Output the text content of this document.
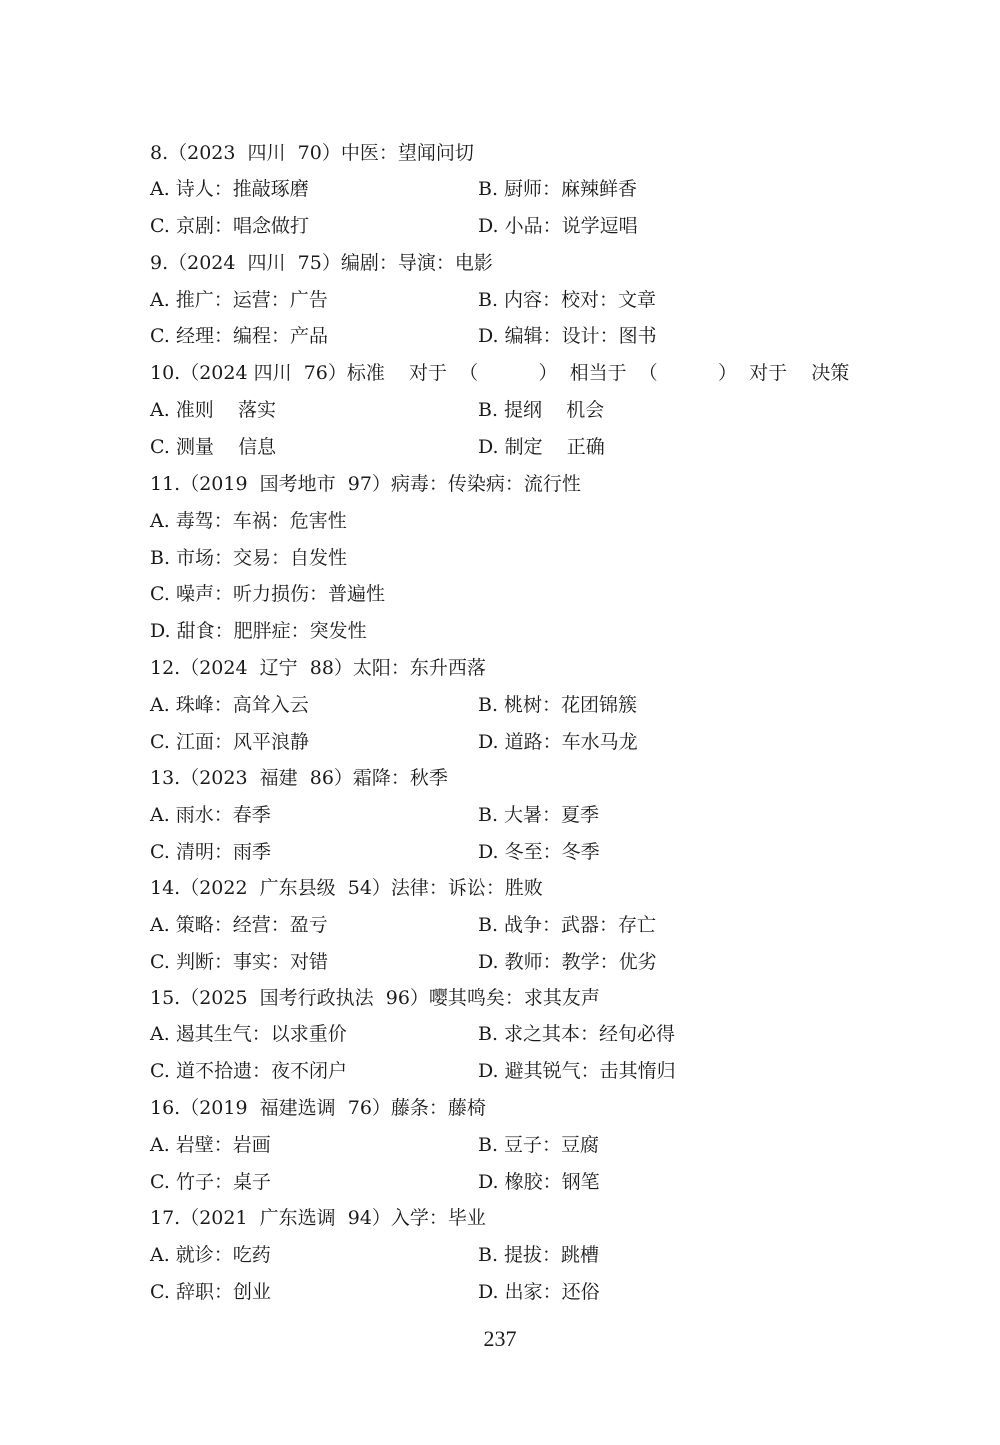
8.（2023  四川  70）中医：望闻问切
A. 诗人：推敲琢磨	B. 厨师：麻辣鲜香
C. 京剧：唱念做打	D. 小品：说学逗唱
9.（2024  四川  75）编剧：导演：电影
A. 推广：运营：广告	B. 内容：校对：文章
C. 经理：编程：产品	D. 编辑：设计：图书
10.（2024 四川  76）标准    对于  （          ）  相当于  （          ）  对于    决策
A. 准则    落实	B. 提纲    机会
C. 测量    信息	D. 制定    正确
11.（2019  国考地市  97）病毒：传染病：流行性
A. 毒驾：车祸：危害性
B. 市场：交易：自发性
C. 噪声：听力损伤：普遍性
D. 甜食：肥胖症：突发性
12.（2024  辽宁  88）太阳：东升西落
A. 珠峰：高耸入云	B. 桃树：花团锦簇
C. 江面：风平浪静	D. 道路：车水马龙
13.（2023  福建  86）霜降：秋季
A. 雨水：春季	B. 大暑：夏季
C. 清明：雨季	D. 冬至：冬季
14.（2022  广东县级  54）法律：诉讼：胜败
A. 策略：经营：盈亏	B. 战争：武器：存亡
C. 判断：事实：对错	D. 教师：教学：优劣
15.（2025  国考行政执法  96）嘤其鸣矣：求其友声
A. 遏其生气：以求重价	B. 求之其本：经旬必得
C. 道不拾遗：夜不闭户	D. 避其锐气：击其惰归
16.（2019  福建选调  76）藤条：藤椅
A. 岩壁：岩画	B. 豆子：豆腐
C. 竹子：桌子	D. 橡胶：钢笔
17.（2021  广东选调  94）入学：毕业
A. 就诊：吃药	B. 提拔：跳槽
C. 辞职：创业	D. 出家：还俗
237
